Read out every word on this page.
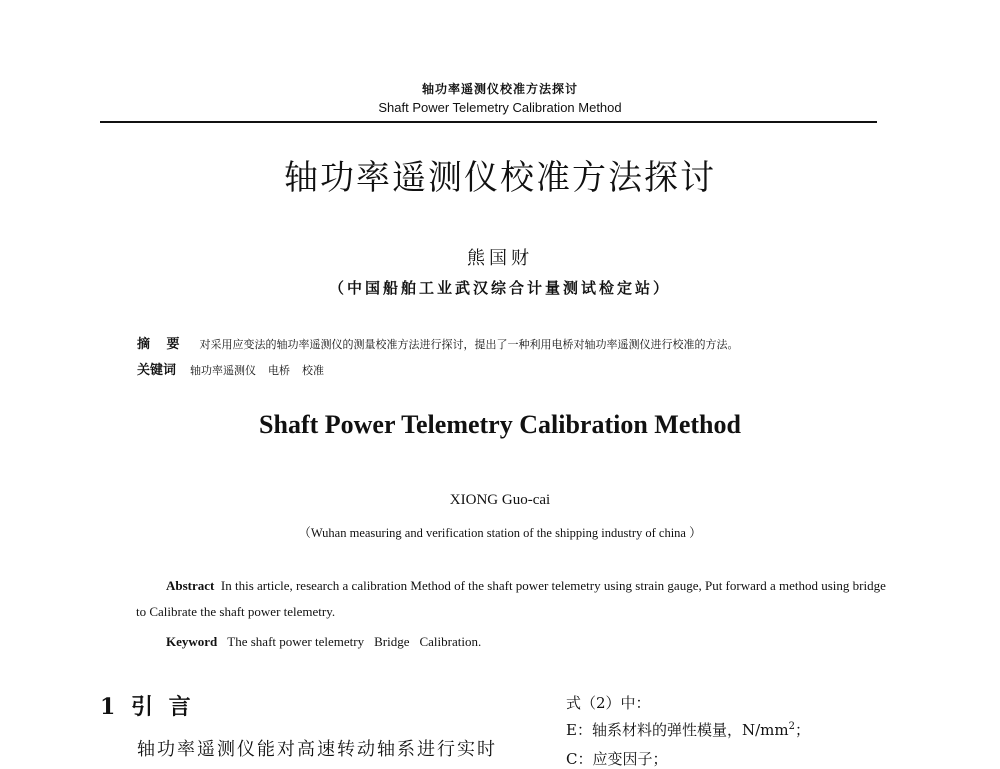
轴功率遥测仪校准方法探讨
Shaft Power Telemetry Calibration Method
轴功率遥测仪校准方法探讨
熊国财
（中国船舶工业武汉综合计量测试检定站）
摘 要 对采用应变法的轴功率遥测仪的测量校准方法进行探讨，提出了一种利用电桥对轴功率遥测仪进行校准的方法。
关键词 轴功率遥测仪 电桥 校准
Shaft Power Telemetry Calibration Method
XIONG Guo-cai
（Wuhan measuring and verification station of the shipping industry of china ）
Abstract In this article, research a calibration Method of the shaft power telemetry using strain gauge, Put forward a method using bridge to Calibrate the shaft power telemetry.
Keyword The shaft power telemetry Bridge Calibration.
1 引 言
轴功率遥测仪能对高速转动轴系进行实时
式（2）中：
E：轴系材料的弹性模量，$N/mm^2$；
C：应变因子；
